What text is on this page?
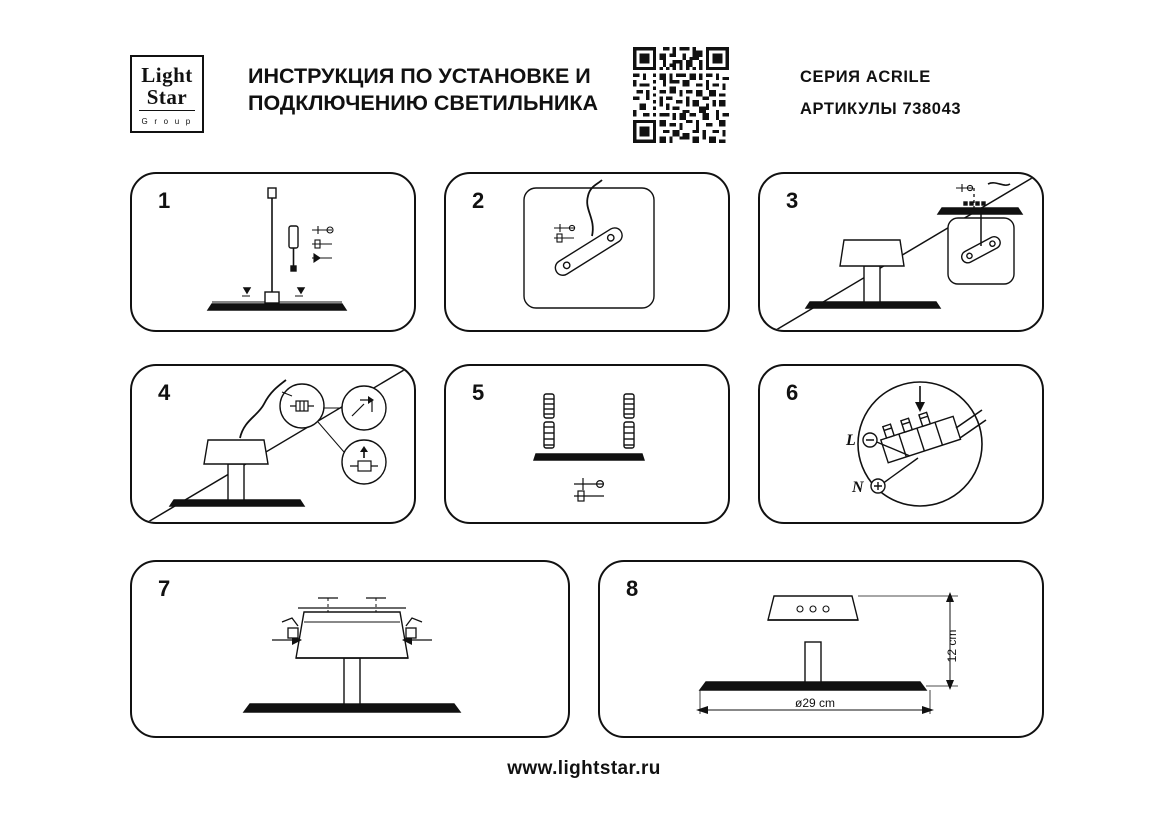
Light
Star
G r o u p
ИНСТРУКЦИЯ ПО УСТАНОВКЕ И ПОДКЛЮЧЕНИЮ СВЕТИЛЬНИКА
СЕРИЯ ACRILE
АРТИКУЛЫ 738043
1	2	3
4	5	6
L
N
7	8
12 cm
ø29 cm
www.lightstar.ru
